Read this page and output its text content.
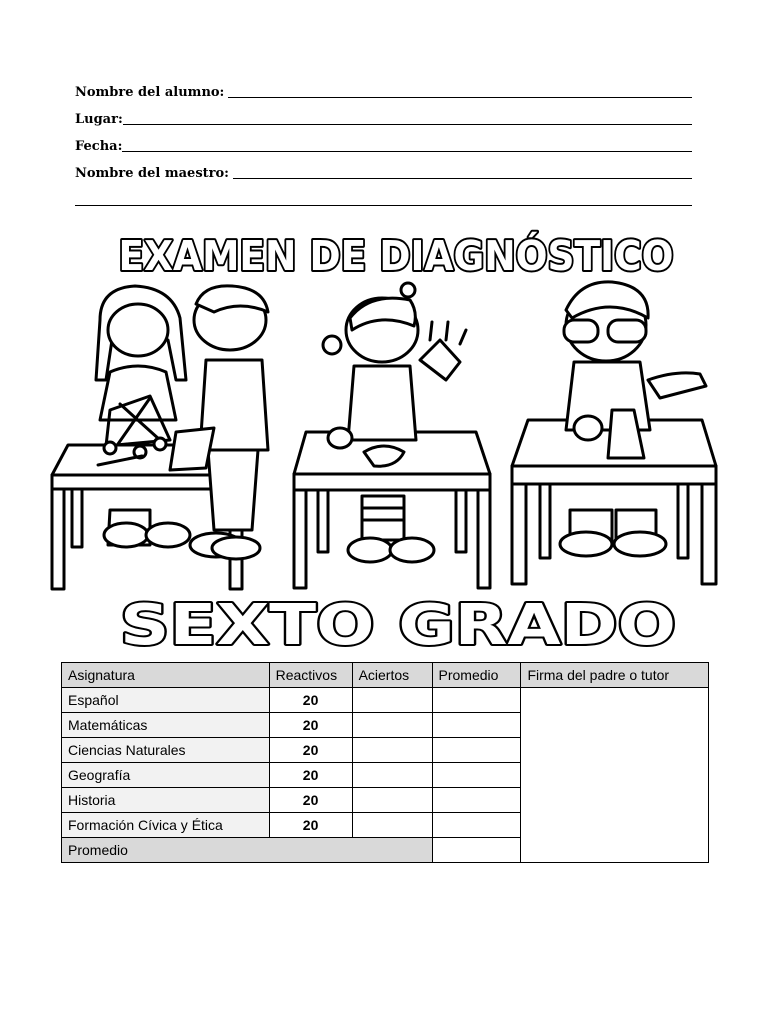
Nombre del alumno:
Lugar:
Fecha:
Nombre del maestro:
EXAMEN DE DIAGNÓSTICO
SEXTO GRADO
Asignatura	Reactivos	Aciertos	Promedio	Firma del padre o tutor
Español	20			
Matemáticas	20			
Ciencias Naturales	20			
Geografía	20			
Historia	20			
Formación Cívica y Ética	20			
Promedio				
